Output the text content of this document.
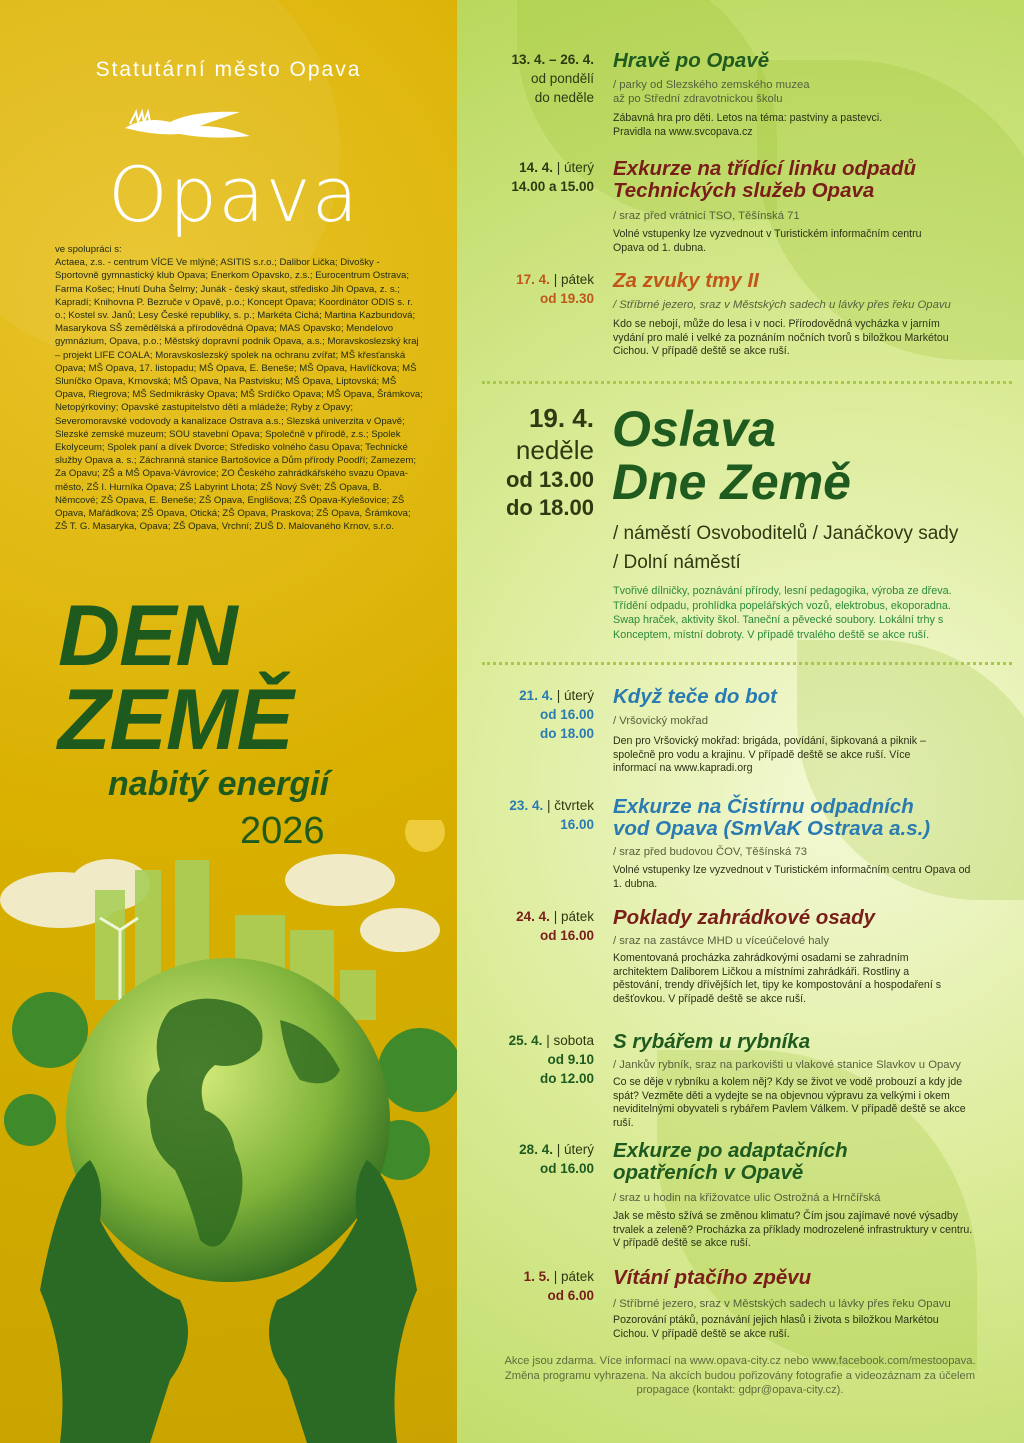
Statutární město Opava
Opava
ve spolupráci s:
Actaea, z.s. - centrum VÍCE Ve mlýně; ASITIS s.r.o.; Dalibor Lička; Divošky - Sportovně gymnastický klub Opava; Enerkom Opavsko, z.s.; Eurocentrum Ostrava; Farma Košec; Hnutí Duha Šelmy; Junák - český skaut, středisko Jih Opava, z. s.; Kapradí; Knihovna P. Bezruče v Opavě, p.o.; Koncept Opava; Koordinátor ODIS s. r. o.; Kostel sv. Janů; Lesy České republiky, s. p.; Markéta Cichá; Martina Kazbundová; Masarykova SŠ zemědělská a přírodovědná Opava; MAS Opavsko; Mendelovo gymnázium, Opava, p.o.; Městský dopravní podnik Opava, a.s.; Moravskoslezský kraj – projekt LIFE COALA; Moravskoslezský spolek na ochranu zvířat; MŠ křesťanská Opava; MŠ Opava, 17. listopadu; MŠ Opava, E. Beneše; MŠ Opava, Havlíčkova; MŠ Sluníčko Opava, Krnovská; MŠ Opava, Na Pastvisku; MŠ Opava, Liptovská; MŠ Opava, Riegrova; MŠ Sedmikrásky Opava; MŠ Srdíčko Opava; MŠ Opava, Šrámkova; Netopýrkoviny; Opavské zastupitelstvo dětí a mládeže; Ryby z Opavy; Severomoravské vodovody a kanalizace Ostrava a.s.; Slezská univerzita v Opavě; Slezské zemské muzeum; SOU stavební Opava; Společně v přírodě, z.s.; Spolek Ekolyceum; Spolek paní a dívek Dvorce; Středisko volného času Opava; Technické služby Opava a. s.; Záchranná stanice Bartošovice a Dům přírody Poodří; Zamezem; Za Opavu; ZŠ a MŠ Opava-Vávrovice; ZO Českého zahrádkářského svazu Opava-město, ZŠ I. Hurníka Opava; ZŠ Labyrint Lhota; ZŠ Nový Svět; ZŠ Opava, B. Němcové; ZŠ Opava, E. Beneše; ZŠ Opava, Englišova; ZŠ Opava-Kylešovice; ZŠ Opava, Mařádkova; ZŠ Opava, Otická; ZŠ Opava, Praskova; ZŠ Opava, Šrámkova; ZŠ T. G. Masaryka, Opava; ZŠ Opava, Vrchní; ZUŠ D. Malovaného Krnov, s.r.o.
DEN
ZEMĚ
nabitý energií
2026
13. 4. – 26. 4.
od pondělí
do neděle
Hravě po Opavě
/ parky od Slezského zemského muzea
až po Střední zdravotnickou školu
Zábavná hra pro děti. Letos na téma: pastviny a pastevci. Pravidla na www.svcopava.cz
14. 4. | úterý
14.00 a 15.00
Exkurze na třídící linku odpadů
Technických služeb Opava
/ sraz před vrátnicí TSO, Těšínská 71
Volné vstupenky lze vyzvednout v Turistickém informačním centru Opava od 1. dubna.
17. 4. | pátek
od 19.30
Za zvuky tmy II
/ Stříbrné jezero, sraz v Městských sadech u lávky přes řeku Opavu
Kdo se nebojí, může do lesa i v noci. Přírodovědná vycházka v jarním vydání pro malé i velké za poznáním nočních tvorů s biložkou Markétou Cichou. V případě deště se akce ruší.
19. 4.
neděle
od 13.00
do 18.00
Oslava
Dne Země
/ náměstí Osvoboditelů / Janáčkovy sady
/ Dolní náměstí
Tvořivé dílničky, poznávání přírody, lesní pedagogika, výroba ze dřeva. Třídění odpadu, prohlídka popelářských vozů, elektrobus, ekoporadna. Swap hraček, aktivity škol. Taneční a pěvecké soubory. Lokální trhy s Konceptem, místní dobroty. V případě trvalého deště se akce ruší.
21. 4. | úterý
od 16.00
do 18.00
Když teče do bot
/ Vršovický mokřad
Den pro Vršovický mokřad: brigáda, povídání, šipkovaná a piknik – společně pro vodu a krajinu. V případě deště se akce ruší. Více informací na www.kapradi.org
23. 4. | čtvrtek
16.00
Exkurze na Čistírnu odpadních
vod Opava (SmVaK Ostrava a.s.)
/ sraz před budovou ČOV, Těšínská 73
Volné vstupenky lze vyzvednout v Turistickém informačním centru Opava od 1. dubna.
24. 4. | pátek
od 16.00
Poklady zahrádkové osady
/ sraz na zastávce MHD u víceúčelové haly
Komentovaná procházka zahrádkovými osadami se zahradním architektem Daliborem Ličkou a místními zahrádkáři. Rostliny a pěstování, trendy dřívějších let, tipy ke kompostování a hospodaření s dešťovkou. V případě deště se akce ruší.
25. 4. | sobota
od 9.10
do 12.00
S rybářem u rybníka
/ Jankův rybník, sraz na parkovišti u vlakové stanice Slavkov u Opavy
Co se děje v rybníku a kolem něj? Kdy se život ve vodě probouzí a kdy jde spát? Vezměte děti a vydejte se na objevnou výpravu za velkými i okem neviditelnými obyvateli s rybářem Pavlem Válkem. V případě deště se akce ruší.
28. 4. | úterý
od 16.00
Exkurze po adaptačních
opatřeních v Opavě
/ sraz u hodin na křižovatce ulic Ostrožná a Hrnčířská
Jak se město sžívá se změnou klimatu? Čím jsou zajímavé nové výsadby trvalek a zeleně? Procházka za příklady modrozelené infrastruktury v centru. V případě deště se akce ruší.
1. 5. | pátek
od 6.00
Vítání ptačího zpěvu
/ Stříbrné jezero, sraz v Městských sadech u lávky přes řeku Opavu
Pozorování ptáků, poznávání jejich hlasů i života s biložkou Markétou Cichou. V případě deště se akce ruší.
Akce jsou zdarma. Více informací na www.opava-city.cz nebo www.facebook.com/mestoopava.
Změna programu vyhrazena. Na akcích budou pořizovány fotografie a videozáznam za účelem
propagace (kontakt: gdpr@opava-city.cz).
